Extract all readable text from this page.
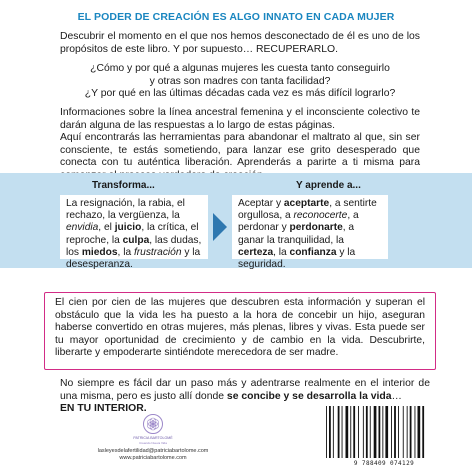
EL PODER DE CREACIÓN ES ALGO INNATO EN CADA MUJER
Descubrir el momento en el que nos hemos desconectado de él es uno de los propósitos de este libro. Y por supuesto… RECUPERARLO.
¿Cómo y por qué a algunas mujeres les cuesta tanto conseguirlo
y otras son madres con tanta facilidad?
¿Y por qué en las últimas décadas cada vez es más difícil lograrlo?
Informaciones sobre la línea ancestral femenina y el inconsciente colectivo te darán alguna de las respuestas a lo largo de estas páginas.
Aquí encontrarás las herramientas para abandonar el maltrato al que, sin ser consciente, te estás sometiendo, para lanzar ese grito desesperado que conecta con tu auténtica liberación. Aprenderás a parirte a ti misma para
Transforma...	Y aprende a...
La resignación, la rabia, el rechazo, la vergüenza, la envidia, el juicio, la crítica, el reproche, la culpa, las dudas, los miedos, la frustración y la desesperanza.
Aceptar y aceptarte, a sentirte orgullosa, a reconocerte, a perdonar y perdonarte, a ganar la tranquilidad, la certeza, la confianza y la seguridad.
El cien por cien de las mujeres que descubren esta información y superan el obstáculo que la vida les ha puesto a la hora de concebir un hijo, aseguran haberse convertido en otras mujeres, más plenas, libres y vivas. Esta puede ser tu mayor oportunidad de crecimiento y de cambio en la vida. Descubrirte, liberarte y empoderarte sintiéndote merecedora de ser madre.
No siempre es fácil dar un paso más y adentrarse realmente en el interior de una misma, pero es justo allí donde se concibe y se desarrolla la vida…
EN TU INTERIOR.
PATRICIA BARTOLOMÉ
Creando Nueva Vida
lasleyesdelafertilidad@patriciabartolome.com
www.patriciabartolome.com
9 788409 074129
